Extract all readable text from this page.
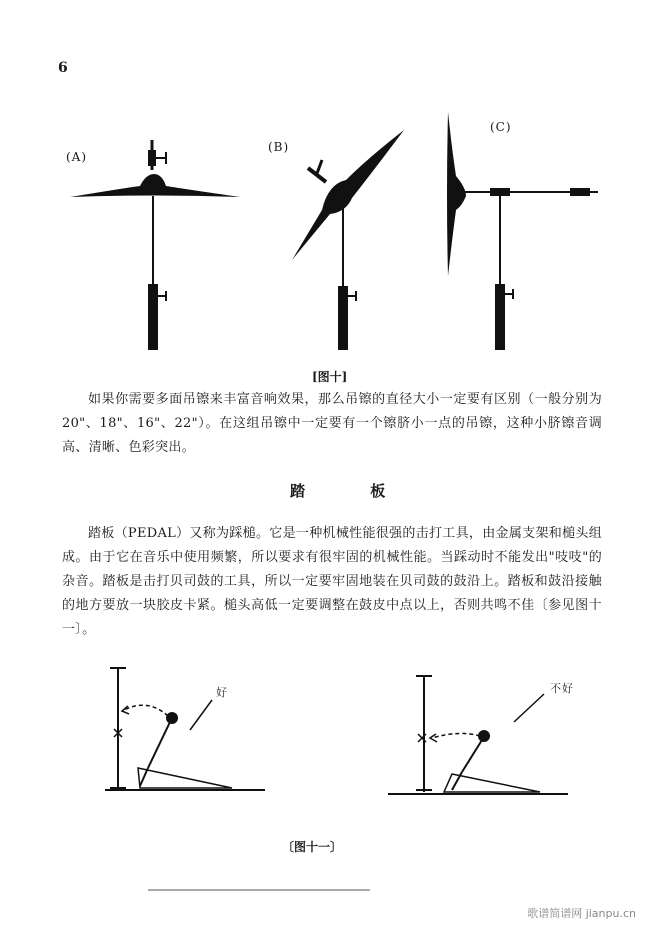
6
(A)
(B)
(C)
[图十]

如果你需要多面吊镲来丰富音响效果，那么吊镲的直径大小一定要有区别（一般分别为20"、18"、16"、22"）。在这组吊镲中一定要有一个镲脐小一点的吊镲，这种小脐镲音调高、清晰、色彩突出。

踏 板

踏板（PEDAL）又称为踩槌。它是一种机械性能很强的击打工具，由金属支架和槌头组成。由于它在音乐中使用频繁，所以要求有很牢固的机械性能。当踩动时不能发出"吱吱"的杂音。踏板是击打贝司鼓的工具，所以一定要牢固地装在贝司鼓的鼓沿上。踏板和鼓沿接触的地方要放一块胶皮卡紧。槌头高低一定要调整在鼓皮中点以上，否则共鸣不佳〔参见图十一〕。

好	不好
〔图十一〕
歌谱简谱网 jianpu.cn
